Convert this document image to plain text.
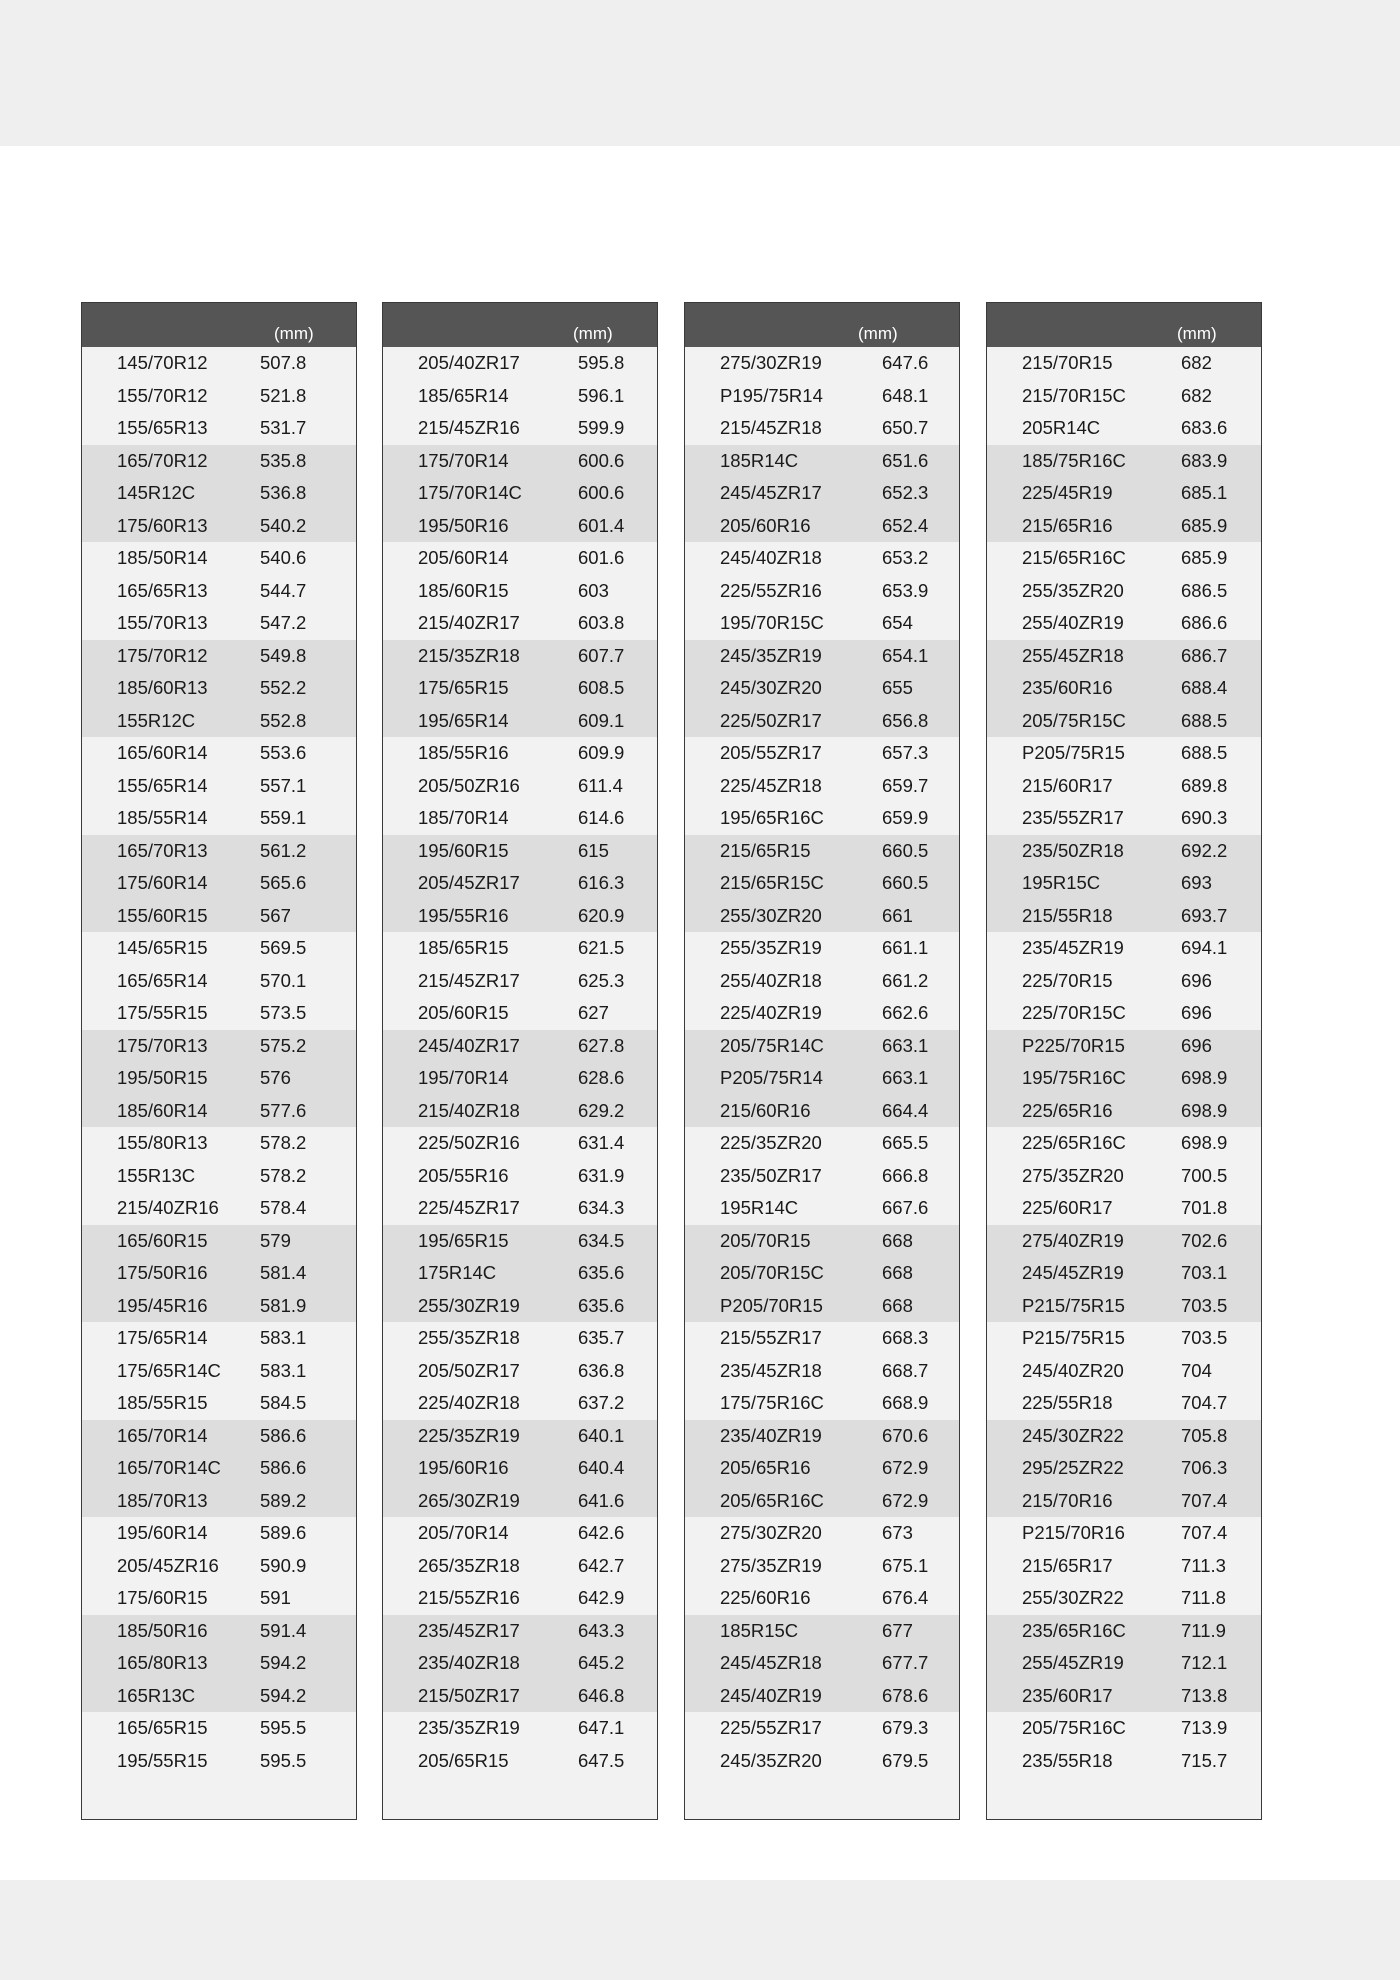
(mm)
145/70R12	507.8
155/70R12	521.8
155/65R13	531.7
165/70R12	535.8
145R12C	536.8
175/60R13	540.2
185/50R14	540.6
165/65R13	544.7
155/70R13	547.2
175/70R12	549.8
185/60R13	552.2
155R12C	552.8
165/60R14	553.6
155/65R14	557.1
185/55R14	559.1
165/70R13	561.2
175/60R14	565.6
155/60R15	567
145/65R15	569.5
165/65R14	570.1
175/55R15	573.5
175/70R13	575.2
195/50R15	576
185/60R14	577.6
155/80R13	578.2
155R13C	578.2
215/40ZR16 578.4
165/60R15	579
175/50R16	581.4
195/45R16	581.9
175/65R14	583.1
175/65R14C 583.1
185/55R15	584.5
165/70R14	586.6
165/70R14C 586.6
185/70R13	589.2
195/60R14	589.6
205/45ZR16 590.9
175/60R15	591
185/50R16	591.4
165/80R13	594.2
165R13C	594.2
165/65R15	595.5
195/55R15	595.5
(mm)
205/40ZR17	595.8
185/65R14	596.1
215/45ZR16	599.9
175/70R14	600.6
175/70R14C	600.6
195/50R16	601.4
205/60R14	601.6
185/60R15	603
215/40ZR17	603.8
215/35ZR18	607.7
175/65R15	608.5
195/65R14	609.1
185/55R16	609.9
205/50ZR16	611.4
185/70R14	614.6
195/60R15	615
205/45ZR17	616.3
195/55R16	620.9
185/65R15	621.5
215/45ZR17	625.3
205/60R15	627
245/40ZR17	627.8
195/70R14	628.6
215/40ZR18	629.2
225/50ZR16	631.4
205/55R16	631.9
225/45ZR17	634.3
195/65R15	634.5
175R14C	635.6
255/30ZR19	635.6
255/35ZR18	635.7
205/50ZR17	636.8
225/40ZR18	637.2
225/35ZR19	640.1
195/60R16	640.4
265/30ZR19	641.6
205/70R14	642.6
265/35ZR18	642.7
215/55ZR16	642.9
235/45ZR17	643.3
235/40ZR18	645.2
215/50ZR17	646.8
235/35ZR19	647.1
205/65R15	647.5
(mm)
275/30ZR19	647.6
P195/75R14	648.1
215/45ZR18	650.7
185R14C	651.6
245/45ZR17	652.3
205/60R16	652.4
245/40ZR18	653.2
225/55ZR16	653.9
195/70R15C	654
245/35ZR19	654.1
245/30ZR20	655
225/50ZR17	656.8
205/55ZR17	657.3
225/45ZR18	659.7
195/65R16C	659.9
215/65R15	660.5
215/65R15C	660.5
255/30ZR20	661
255/35ZR19	661.1
255/40ZR18	661.2
225/40ZR19	662.6
205/75R14C	663.1
P205/75R14	663.1
215/60R16	664.4
225/35ZR20	665.5
235/50ZR17	666.8
195R14C	667.6
205/70R15	668
205/70R15C	668
P205/70R15	668
215/55ZR17	668.3
235/45ZR18	668.7
175/75R16C	668.9
235/40ZR19	670.6
205/65R16	672.9
205/65R16C	672.9
275/30ZR20	673
275/35ZR19	675.1
225/60R16	676.4
185R15C	677
245/45ZR18	677.7
245/40ZR19	678.6
225/55ZR17	679.3
245/35ZR20	679.5
(mm)
215/70R15	682
215/70R15C	682
205R14C	683.6
185/75R16C	683.9
225/45R19	685.1
215/65R16	685.9
215/65R16C	685.9
255/35ZR20	686.5
255/40ZR19	686.6
255/45ZR18	686.7
235/60R16	688.4
205/75R15C	688.5
P205/75R15	688.5
215/60R17	689.8
235/55ZR17	690.3
235/50ZR18	692.2
195R15C	693
215/55R18	693.7
235/45ZR19	694.1
225/70R15	696
225/70R15C	696
P225/70R15	696
195/75R16C	698.9
225/65R16	698.9
225/65R16C	698.9
275/35ZR20	700.5
225/60R17	701.8
275/40ZR19	702.6
245/45ZR19	703.1
P215/75R15	703.5
P215/75R15	703.5
245/40ZR20	704
225/55R18	704.7
245/30ZR22	705.8
295/25ZR22	706.3
215/70R16	707.4
P215/70R16	707.4
215/65R17	711.3
255/30ZR22	711.8
235/65R16C	711.9
255/45ZR19	712.1
235/60R17	713.8
205/75R16C	713.9
235/55R18	715.7
